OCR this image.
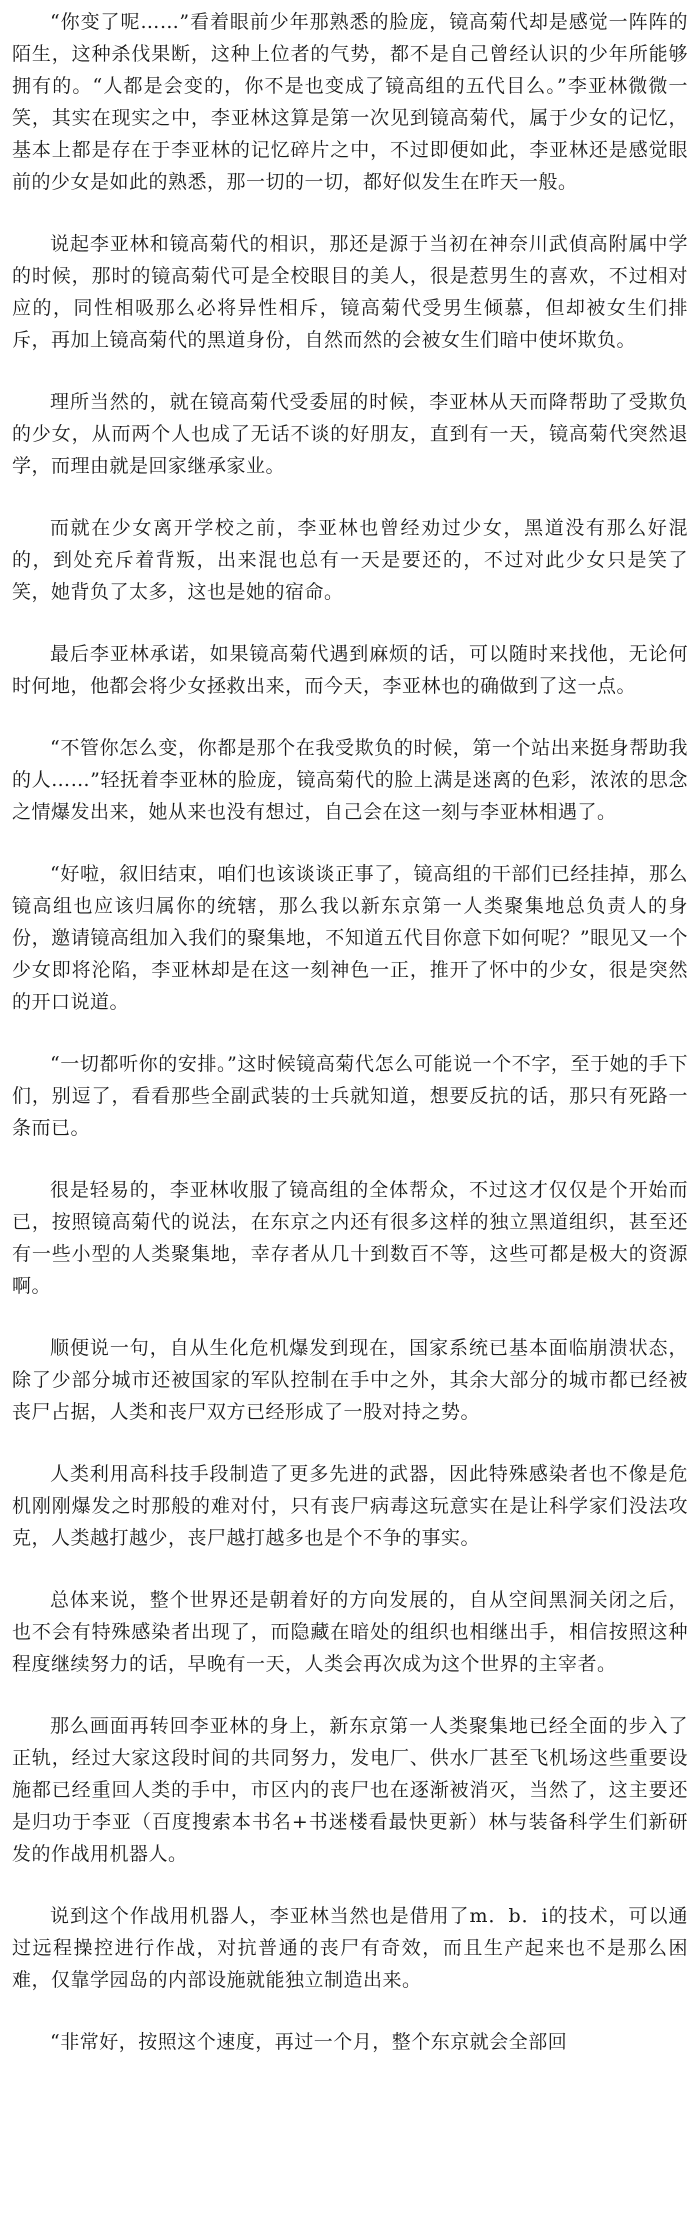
“你变了呢……”看着眼前少年那熟悉的脸庞，镜高菊代却是感觉一阵阵的陌生，这种杀伐果断，这种上位者的气势，都不是自己曾经认识的少年所能够拥有的。“人都是会变的，你不是也变成了镜高组的五代目么。”李亚林微微一笑，其实在现实之中，李亚林这算是第一次见到镜高菊代，属于少女的记忆，基本上都是存在于李亚林的记忆碎片之中，不过即便如此，李亚林还是感觉眼前的少女是如此的熟悉，那一切的一切，都好似发生在昨天一般。

说起李亚林和镜高菊代的相识，那还是源于当初在神奈川武偵高附属中学的时候，那时的镜高菊代可是全校眼目的美人，很是惹男生的喜欢，不过相对应的，同性相吸那么必将异性相斥，镜高菊代受男生倾慕，但却被女生们排斥，再加上镜高菊代的黑道身份，自然而然的会被女生们暗中使坏欺负。

理所当然的，就在镜高菊代受委屈的时候，李亚林从天而降帮助了受欺负的少女，从而两个人也成了无话不谈的好朋友，直到有一天，镜高菊代突然退学，而理由就是回家继承家业。

而就在少女离开学校之前，李亚林也曾经劝过少女，黑道没有那么好混的，到处充斥着背叛，出来混也总有一天是要还的，不过对此少女只是笑了笑，她背负了太多，这也是她的宿命。

最后李亚林承诺，如果镜高菊代遇到麻烦的话，可以随时来找他，无论何时何地，他都会将少女拯救出来，而今天，李亚林也的确做到了这一点。

“不管你怎么变，你都是那个在我受欺负的时候，第一个站出来挺身帮助我的人……”轻抚着李亚林的脸庞，镜高菊代的脸上满是迷离的色彩，浓浓的思念之情爆发出来，她从来也没有想过，自己会在这一刻与李亚林相遇了。

“好啦，叙旧结束，咱们也该谈谈正事了，镜高组的干部们已经挂掉，那么镜高组也应该归属你的统辖，那么我以新东京第一人类聚集地总负责人的身份，邀请镜高组加入我们的聚集地，不知道五代目你意下如何呢？”眼见又一个少女即将沦陷，李亚林却是在这一刻神色一正，推开了怀中的少女，很是突然的开口说道。

“一切都听你的安排。”这时候镜高菊代怎么可能说一个不字，至于她的手下们，别逗了，看看那些全副武装的士兵就知道，想要反抗的话，那只有死路一条而已。

很是轻易的，李亚林收服了镜高组的全体帮众，不过这才仅仅是个开始而已，按照镜高菊代的说法，在东京之内还有很多这样的独立黑道组织，甚至还有一些小型的人类聚集地，幸存者从几十到数百不等，这些可都是极大的资源啊。

顺便说一句，自从生化危机爆发到现在，国家系统已基本面临崩溃状态，除了少部分城市还被国家的军队控制在手中之外，其余大部分的城市都已经被丧尸占据，人类和丧尸双方已经形成了一股对持之势。

人类利用高科技手段制造了更多先进的武器，因此特殊感染者也不像是危机刚刚爆发之时那般的难对付，只有丧尸病毒这玩意实在是让科学家们没法攻克，人类越打越少，丧尸越打越多也是个不争的事实。

总体来说，整个世界还是朝着好的方向发展的，自从空间黑洞关闭之后，也不会有特殊感染者出现了，而隐藏在暗处的组织也相继出手，相信按照这种程度继续努力的话，早晚有一天，人类会再次成为这个世界的主宰者。

那么画面再转回李亚林的身上，新东京第一人类聚集地已经全面的步入了正轨，经过大家这段时间的共同努力，发电厂、供水厂甚至飞机场这些重要设施都已经重回人类的手中，市区内的丧尸也在逐渐被消灭，当然了，这主要还是归功于李亚（百度搜索本书名+书迷楼看最快更新）林与装备科学生们新研发的作战用机器人。

说到这个作战用机器人，李亚林当然也是借用了m．b．i的技术，可以通过远程操控进行作战，对抗普通的丧尸有奇效，而且生产起来也不是那么困难，仅靠学园岛的内部设施就能独立制造出来。

“非常好，按照这个速度，再过一个月，整个东京就会全部回
